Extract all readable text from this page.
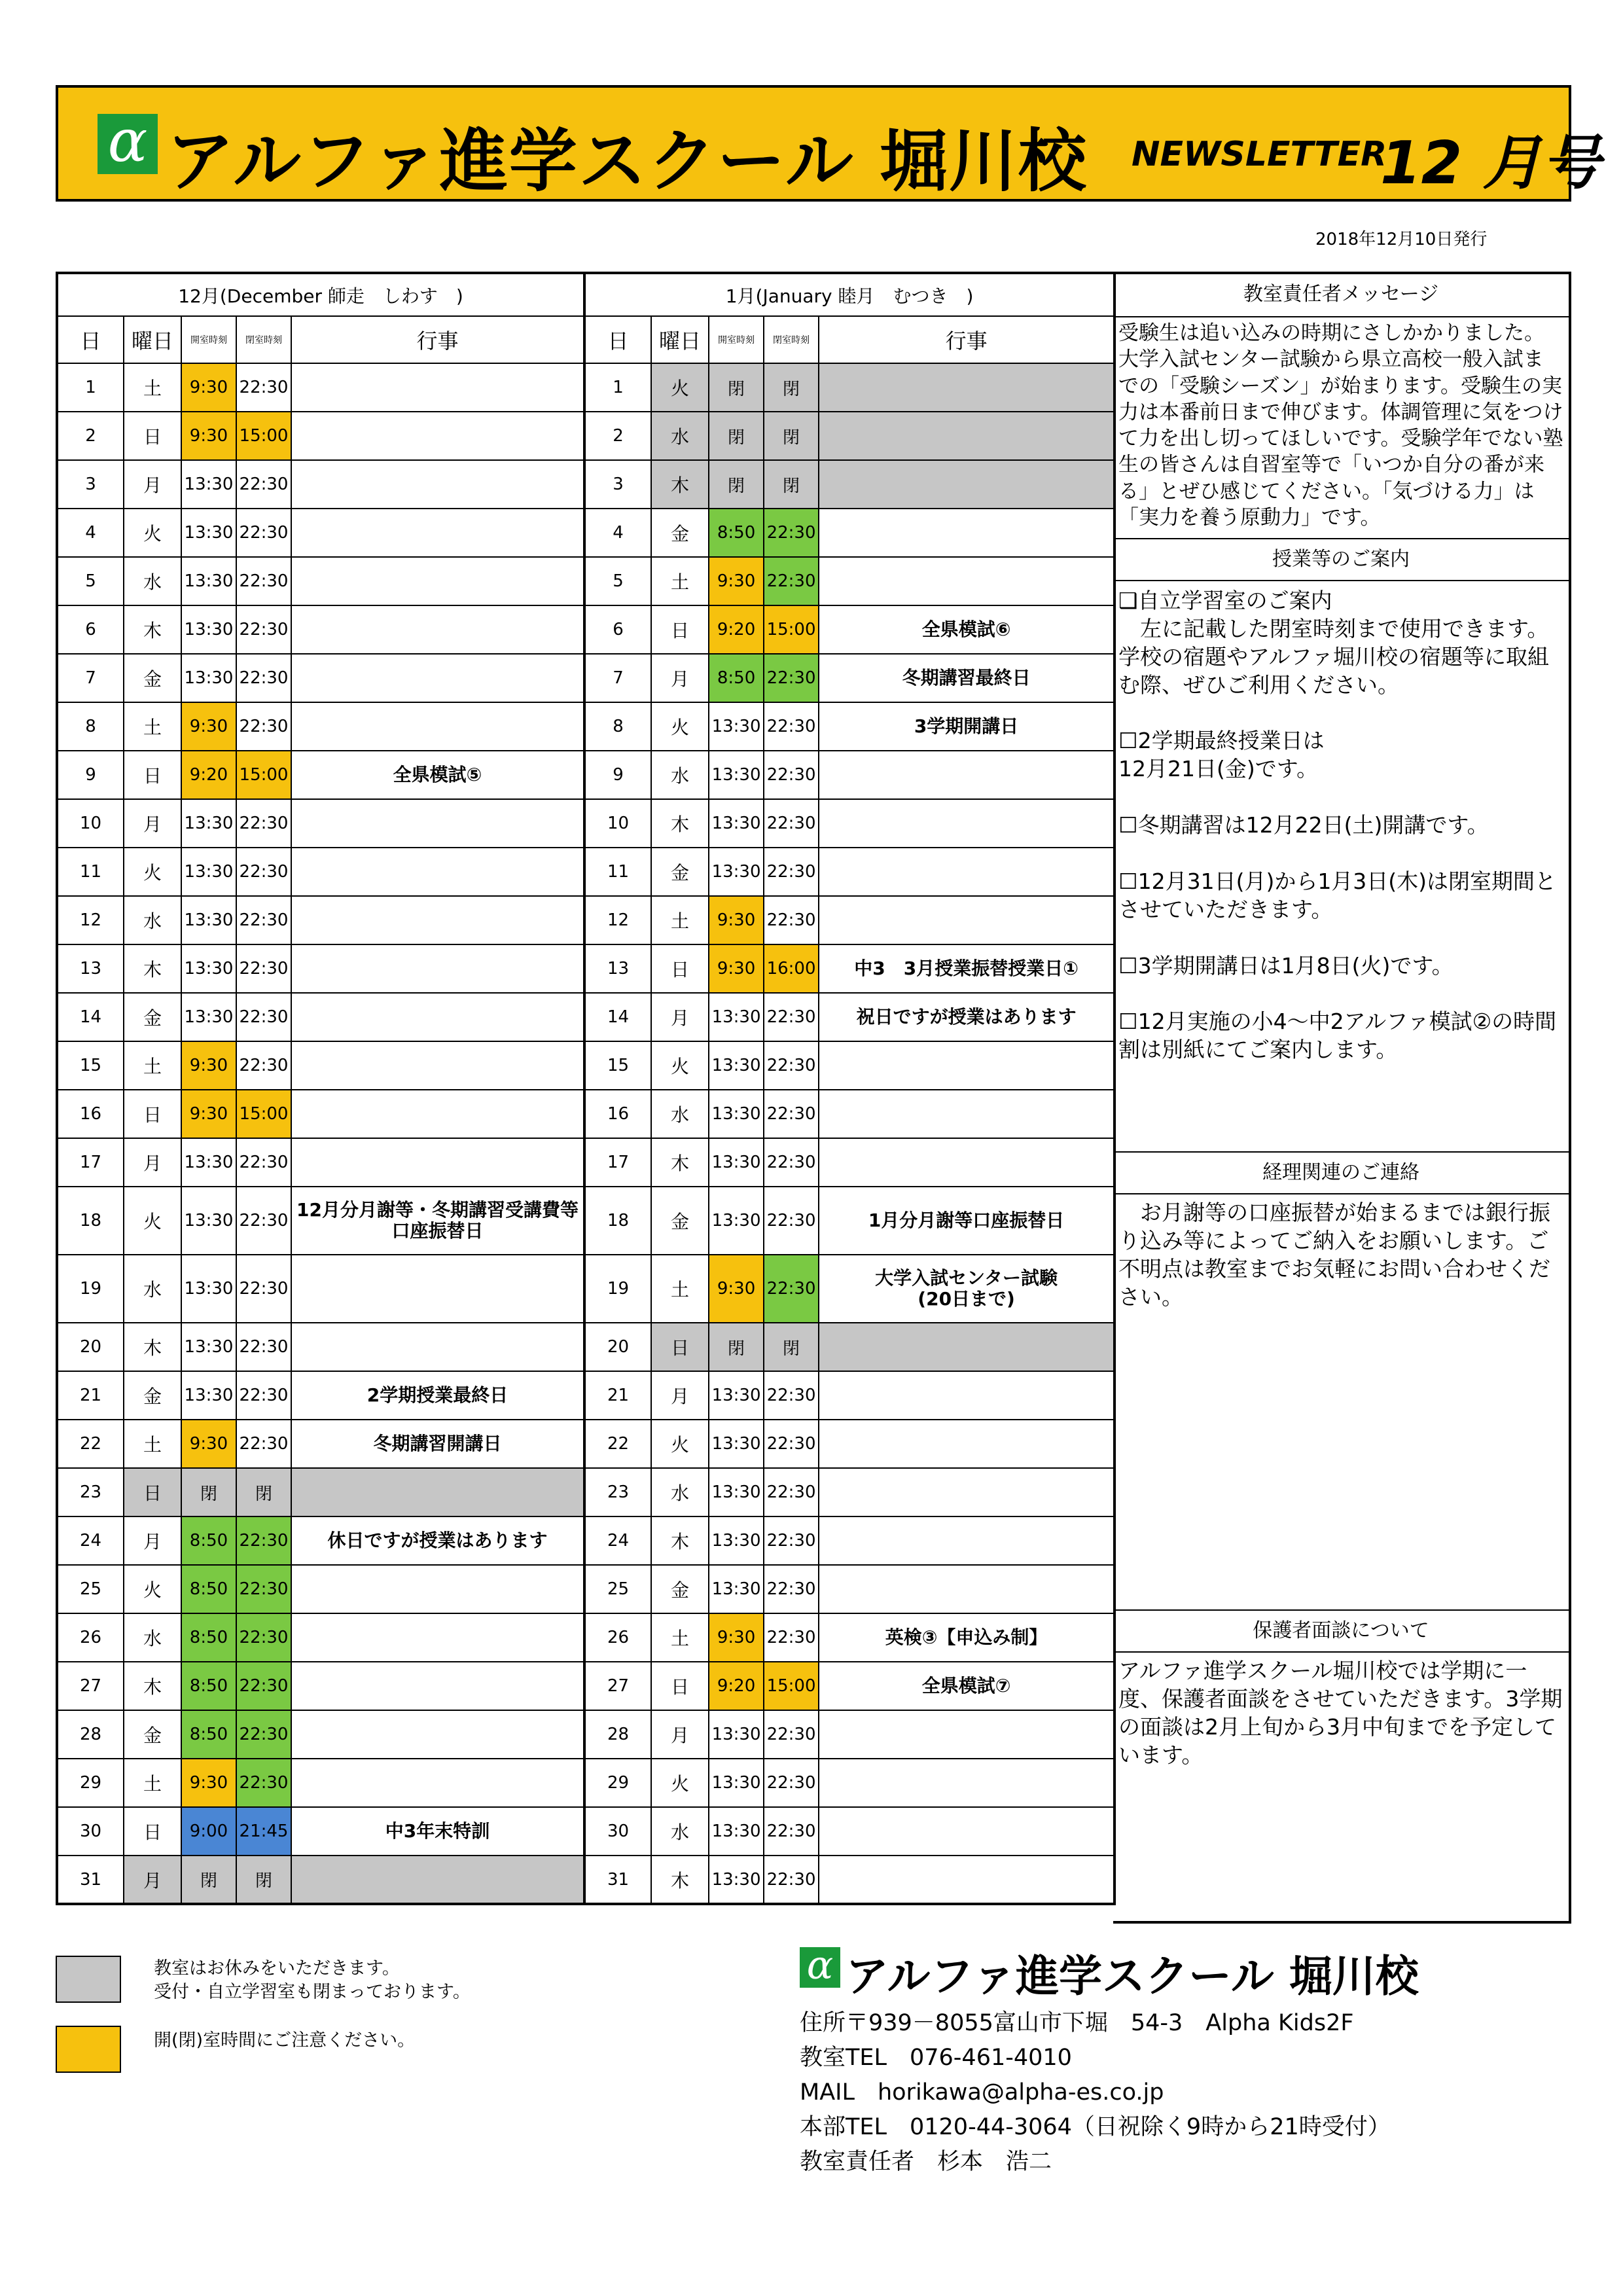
α アルファ進学スクール 堀川校 NEWSLETTER
12 月号
2018年12月10日発行
12月(December 師走　しわす　)					1月(January 睦月　むつき　)				
日	曜日	開室時刻	閉室時刻	行事	日	曜日	開室時刻	閉室時刻	行事
1	土	9:30	22:30		1	火	閉	閉	
2	日	9:30	15:00		2	水	閉	閉	
3	月	13:30	22:30		3	木	閉	閉	
4	火	13:30	22:30		4	金	8:50	22:30	
5	水	13:30	22:30		5	土	9:30	22:30	
6	木	13:30	22:30		6	日	9:20	15:00	全県模試⑥
7	金	13:30	22:30		7	月	8:50	22:30	冬期講習最終日
8	土	9:30	22:30		8	火	13:30	22:30	3学期開講日
9	日	9:20	15:00	全県模試⑤	9	水	13:30	22:30	
10	月	13:30	22:30		10	木	13:30	22:30	
11	火	13:30	22:30		11	金	13:30	22:30	
12	水	13:30	22:30		12	土	9:30	22:30	
13	木	13:30	22:30		13	日	9:30	16:00	中3　3月授業振替授業日①
14	金	13:30	22:30		14	月	13:30	22:30	祝日ですが授業はあります
15	土	9:30	22:30		15	火	13:30	22:30	
16	日	9:30	15:00		16	水	13:30	22:30	
17	月	13:30	22:30		17	木	13:30	22:30	
18	火	13:30	22:30	12月分月謝等・冬期講習受講費等口座振替日	18	金	13:30	22:30	1月分月謝等口座振替日
19	水	13:30	22:30		19	土	9:30	22:30	大学入試センター試験
(20日まで)
20	木	13:30	22:30		20	日	閉	閉	
21	金	13:30	22:30	2学期授業最終日	21	月	13:30	22:30	
22	土	9:30	22:30	冬期講習開講日	22	火	13:30	22:30	
23	日	閉	閉		23	水	13:30	22:30	
24	月	8:50	22:30	休日ですが授業はあります	24	木	13:30	22:30	
25	火	8:50	22:30		25	金	13:30	22:30	
26	水	8:50	22:30		26	土	9:30	22:30	英検③【申込み制】
27	木	8:50	22:30		27	日	9:20	15:00	全県模試⑦
28	金	8:50	22:30		28	月	13:30	22:30	
29	土	9:30	22:30		29	火	13:30	22:30	
30	日	9:00	21:45	中3年末特訓	30	水	13:30	22:30	
31	月	閉	閉		31	木	13:30	22:30	
教室責任者メッセージ
受験生は追い込みの時期にさしかかりました。大学入試センター試験から県立高校一般入試までの「受験シーズン」が始まります。受験生の実力は本番前日まで伸びます。体調管理に気をつけて力を出し切ってほしいです。受験学年でない塾生の皆さんは自習室等で「いつか自分の番が来る」とぜひ感じてください。「気づける力」は「実力を養う原動力」です。
授業等のご案内
❑自立学習室のご案内
　左に記載した閉室時刻まで使用できます。学校の宿題やアルファ堀川校の宿題等に取組む際、ぜひご利用ください。

☐2学期最終授業日は
12月21日(金)です。

☐冬期講習は12月22日(土)開講です。

☐12月31日(月)から1月3日(木)は閉室期間とさせていただきます。

☐3学期開講日は1月8日(火)です。

☐12月実施の小4～中2アルファ模試②の時間割は別紙にてご案内します。
経理関連のご連絡
　お月謝等の口座振替が始まるまでは銀行振り込み等によってご納入をお願いします。ご不明点は教室までお気軽にお問い合わせください。
保護者面談について
アルファ進学スクール堀川校では学期に一度、保護者面談をさせていただきます。3学期の面談は2月上旬から3月中旬までを予定しています。
教室はお休みをいただきます。
受付・自立学習室も閉まっております。
開(閉)室時間にご注意ください。
α アルファ進学スクール 堀川校
住所〒939－8055富山市下堀　54-3　Alpha Kids2F
教室TEL　076-461-4010
MAIL　horikawa@alpha-es.co.jp
本部TEL　0120-44-3064（日祝除く9時から21時受付）
教室責任者　杉本　浩二
